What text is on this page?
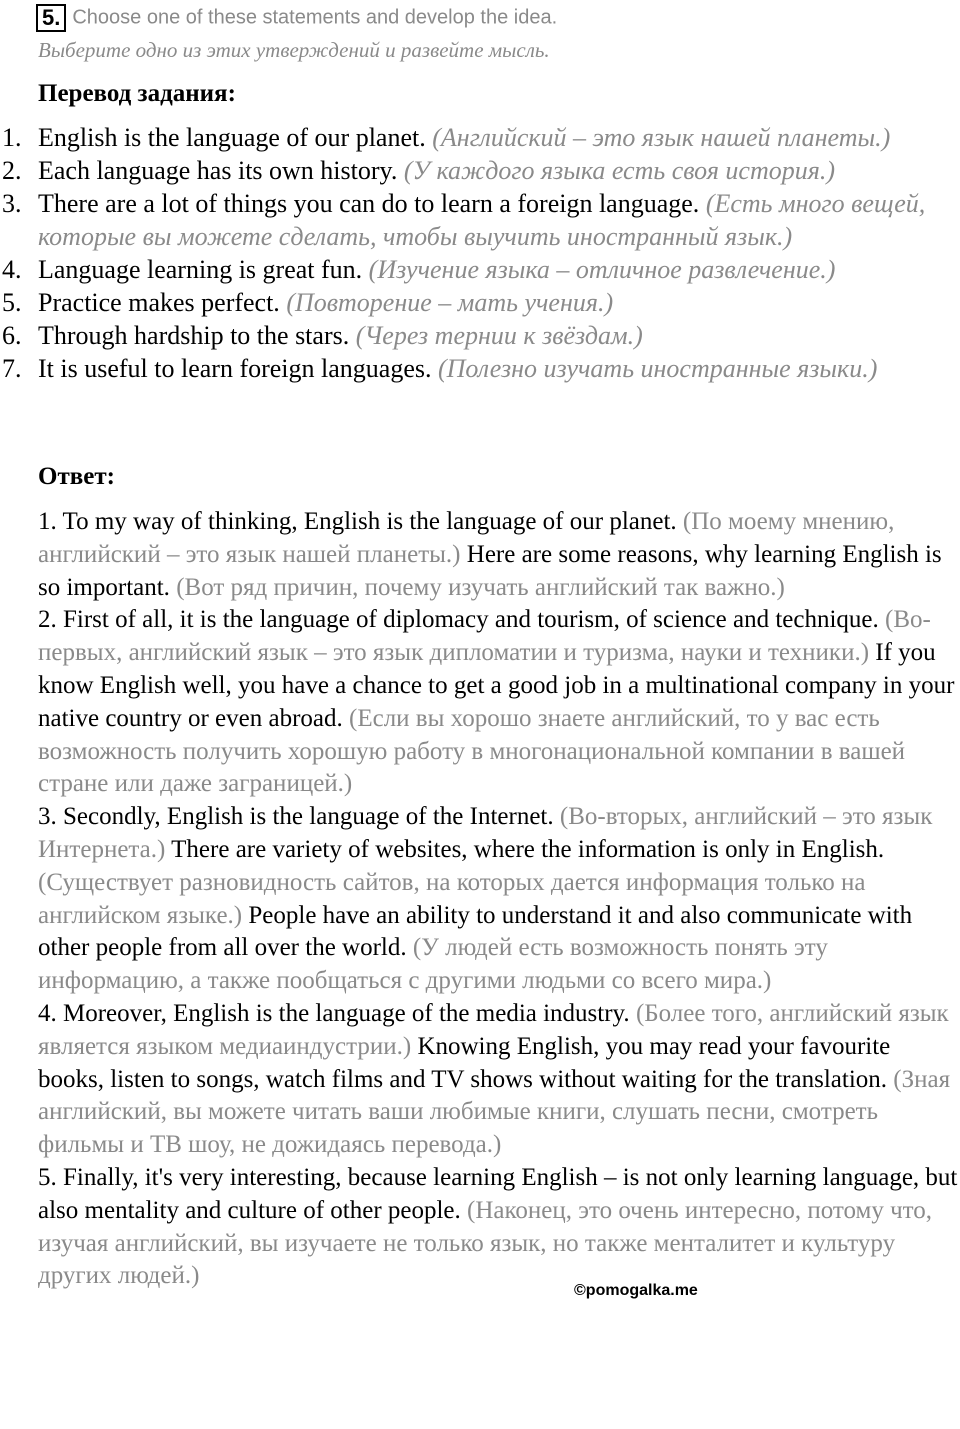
5. Choose one of these statements and develop the idea.
Выберите одно из этих утверждений и развейте мысль.
Перевод задания:
1. English is the language of our planet. (Английский – это язык нашей планеты.)
2. Each language has its own history. (У каждого языка есть своя история.)
3. There are a lot of things you can do to learn a foreign language. (Есть много вещей, которые вы можете сделать, чтобы выучить иностранный язык.)
4. Language learning is great fun. (Изучение языка – отличное развлечение.)
5. Practice makes perfect. (Повторение – мать учения.)
6. Through hardship to the stars. (Через тернии к звёздам.)
7. It is useful to learn foreign languages. (Полезно изучать иностранные языки.)
Ответ:

1. To my way of thinking, English is the language of our planet. (По моему мнению, английский – это язык нашей планеты.) Here are some reasons, why learning English is so important. (Вот ряд причин, почему изучать английский так важно.)

2. First of all, it is the language of diplomacy and tourism, of science and technique. (Во-первых, английский язык – это язык дипломатии и туризма, науки и техники.) If you know English well, you have a chance to get a good job in a multinational company in your native country or even abroad. (Если вы хорошо знаете английский, то у вас есть возможность получить хорошую работу в многонациональной компании в вашей стране или даже заграницей.)

3. Secondly, English is the language of the Internet. (Во-вторых, английский – это язык Интернета.) There are variety of websites, where the information is only in English. (Существует разновидность сайтов, на которых дается информация только на английском языке.) People have an ability to understand it and also communicate with other people from all over the world. (У людей есть возможность понять эту информацию, а также пообщаться с другими людьми со всего мира.)

4. Moreover, English is the language of the media industry. (Более того, английский язык является языком медиаиндустрии.) Knowing English, you may read your favourite books, listen to songs, watch films and TV shows without waiting for the translation. (Зная английский, вы можете читать ваши любимые книги, слушать песни, смотреть фильмы и ТВ шоу, не дожидаясь перевода.)

5. Finally, it's very interesting, because learning English – is not only learning language, but also mentality and culture of other people. (Наконец, это очень интересно, потому что, изучая английский, вы изучаете не только язык, но также менталитет и культуру других людей.)

©pomogalka.me
